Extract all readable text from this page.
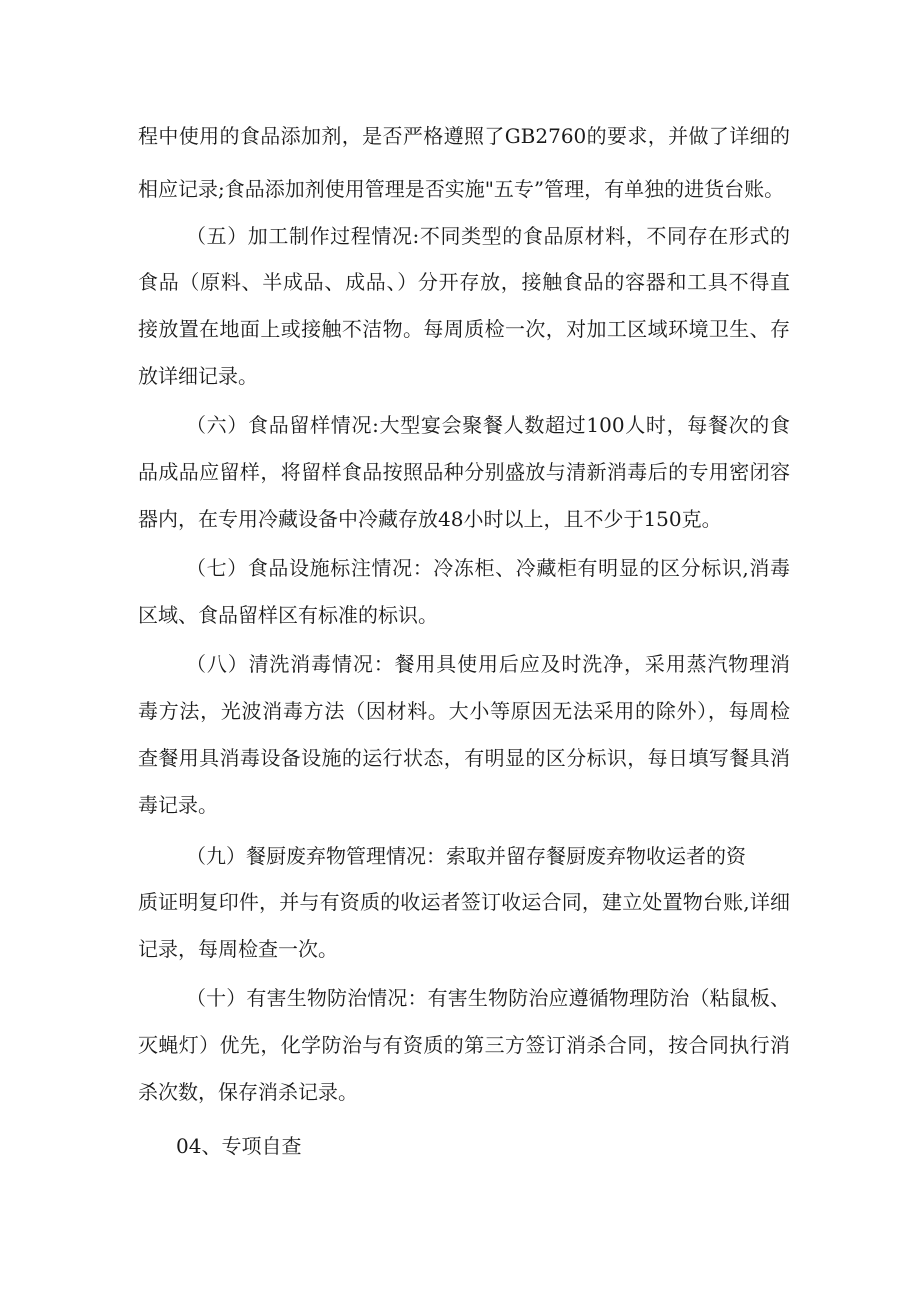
程中使用的食品添加剂，是否严格遵照了GB2760的要求，并做了详细的
相应记录;食品添加剂使用管理是否实施"五专”管理，有单独的进货台账。
（五）加工制作过程情况:不同类型的食品原材料，不同存在形式的
食品（原料、半成品、成品、）分开存放，接触食品的容器和工具不得直
接放置在地面上或接触不洁物。每周质检一次，对加工区域环境卫生、存
放详细记录。
（六）食品留样情况:大型宴会聚餐人数超过100人时，每餐次的食
品成品应留样，将留样食品按照品种分别盛放与清新消毒后的专用密闭容
器内，在专用冷藏设备中冷藏存放48小时以上，且不少于150克。
（七）食品设施标注情况：冷冻柜、冷藏柜有明显的区分标识,消毒
区域、食品留样区有标准的标识。
（八）清洗消毒情况：餐用具使用后应及时洗净，采用蒸汽物理消
毒方法，光波消毒方法（因材料。大小等原因无法采用的除外），每周检
查餐用具消毒设备设施的运行状态，有明显的区分标识，每日填写餐具消
毒记录。
（九）餐厨废弃物管理情况：索取并留存餐厨废弃物收运者的资
质证明复印件，并与有资质的收运者签订收运合同，建立处置物台账,详细
记录，每周检查一次。
（十）有害生物防治情况：有害生物防治应遵循物理防治（粘鼠板、
灭蝇灯）优先，化学防治与有资质的第三方签订消杀合同，按合同执行消
杀次数，保存消杀记录。
04、专项自查
